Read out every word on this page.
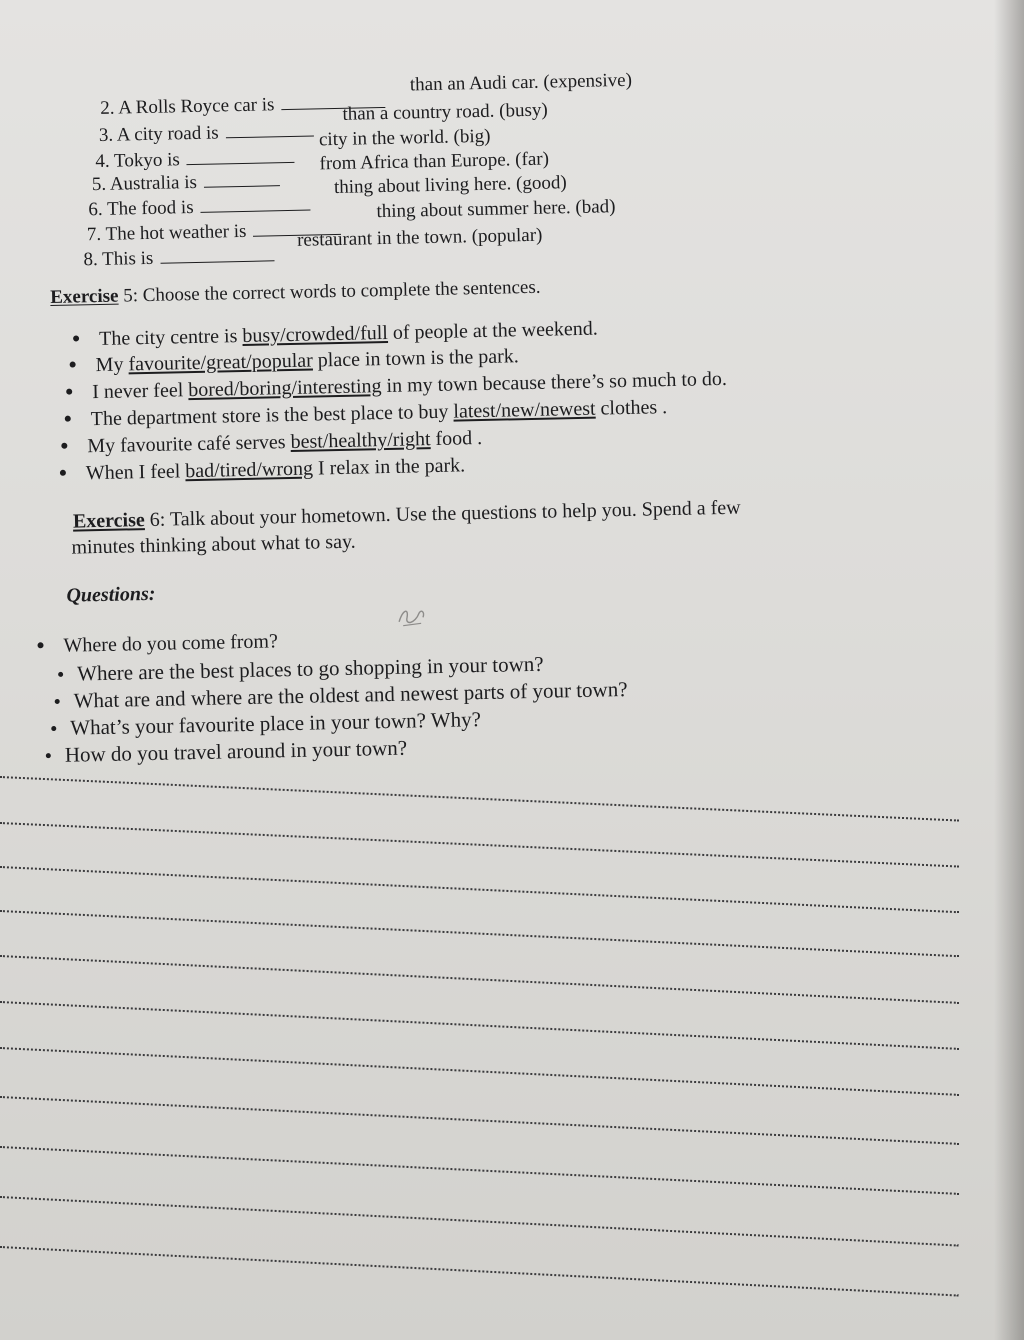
2. A Rolls Royce car is
than an Audi car. (expensive)
3. A city road is
than a country road. (busy)
4. Tokyo is
city in the world. (big)
5. Australia is
from Africa than Europe. (far)
6. The food is
thing about living here. (good)
7. The hot weather is
thing about summer here. (bad)
8. This is
restaurant in the town. (popular)
Exercise 5: Choose the correct words to complete the sentences.
The city centre is busy/crowded/full of people at the weekend.
My favourite/great/popular place in town is the park.
I never feel bored/boring/interesting in my town because there’s so much to do.
The department store is the best place to buy latest/new/newest clothes .
My favourite café serves best/healthy/right food .
When I feel bad/tired/wrong I relax in the park.
Exercise 6: Talk about your hometown. Use the questions to help you. Spend a few
minutes thinking about what to say.
Questions:
Where do you come from?
Where are the best places to go shopping in your town?
What are and where are the oldest and newest parts of your town?
What’s your favourite place in your town? Why?
How do you travel around in your town?
